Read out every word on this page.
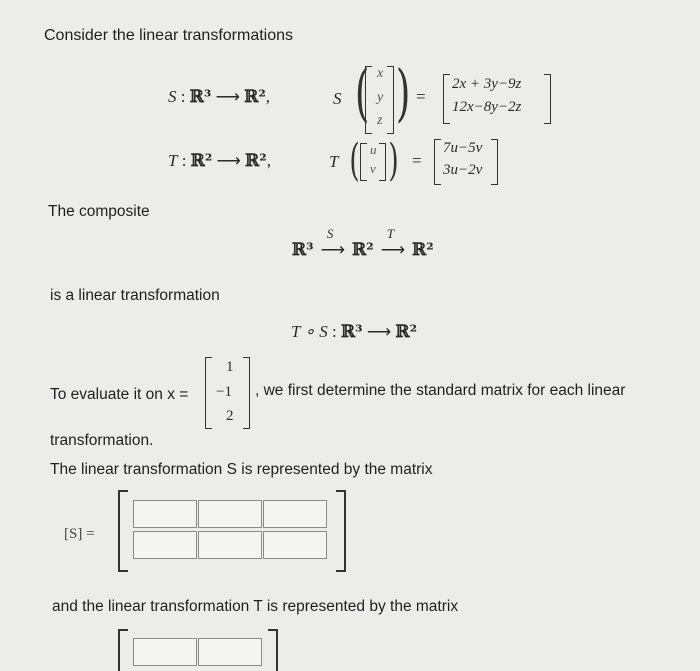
Consider the linear transformations
S : ℝ³ ⟶ ℝ²,	S ( x
y
z ) =
2x + 3y−9z
12x−8y−2z
T : ℝ² ⟶ ℝ²,	T ( u
v ) =
7u−5v
3u−2v
The composite
ℝ³
S
⟶ ℝ²
T
⟶ ℝ²
is a linear transformation
T ∘ S : ℝ³ ⟶ ℝ²
To evaluate it on x =
1
−1
2
, we first determine the standard matrix for each linear
transformation.
The linear transformation S is represented by the matrix
[S] =
and the linear transformation T is represented by the matrix
